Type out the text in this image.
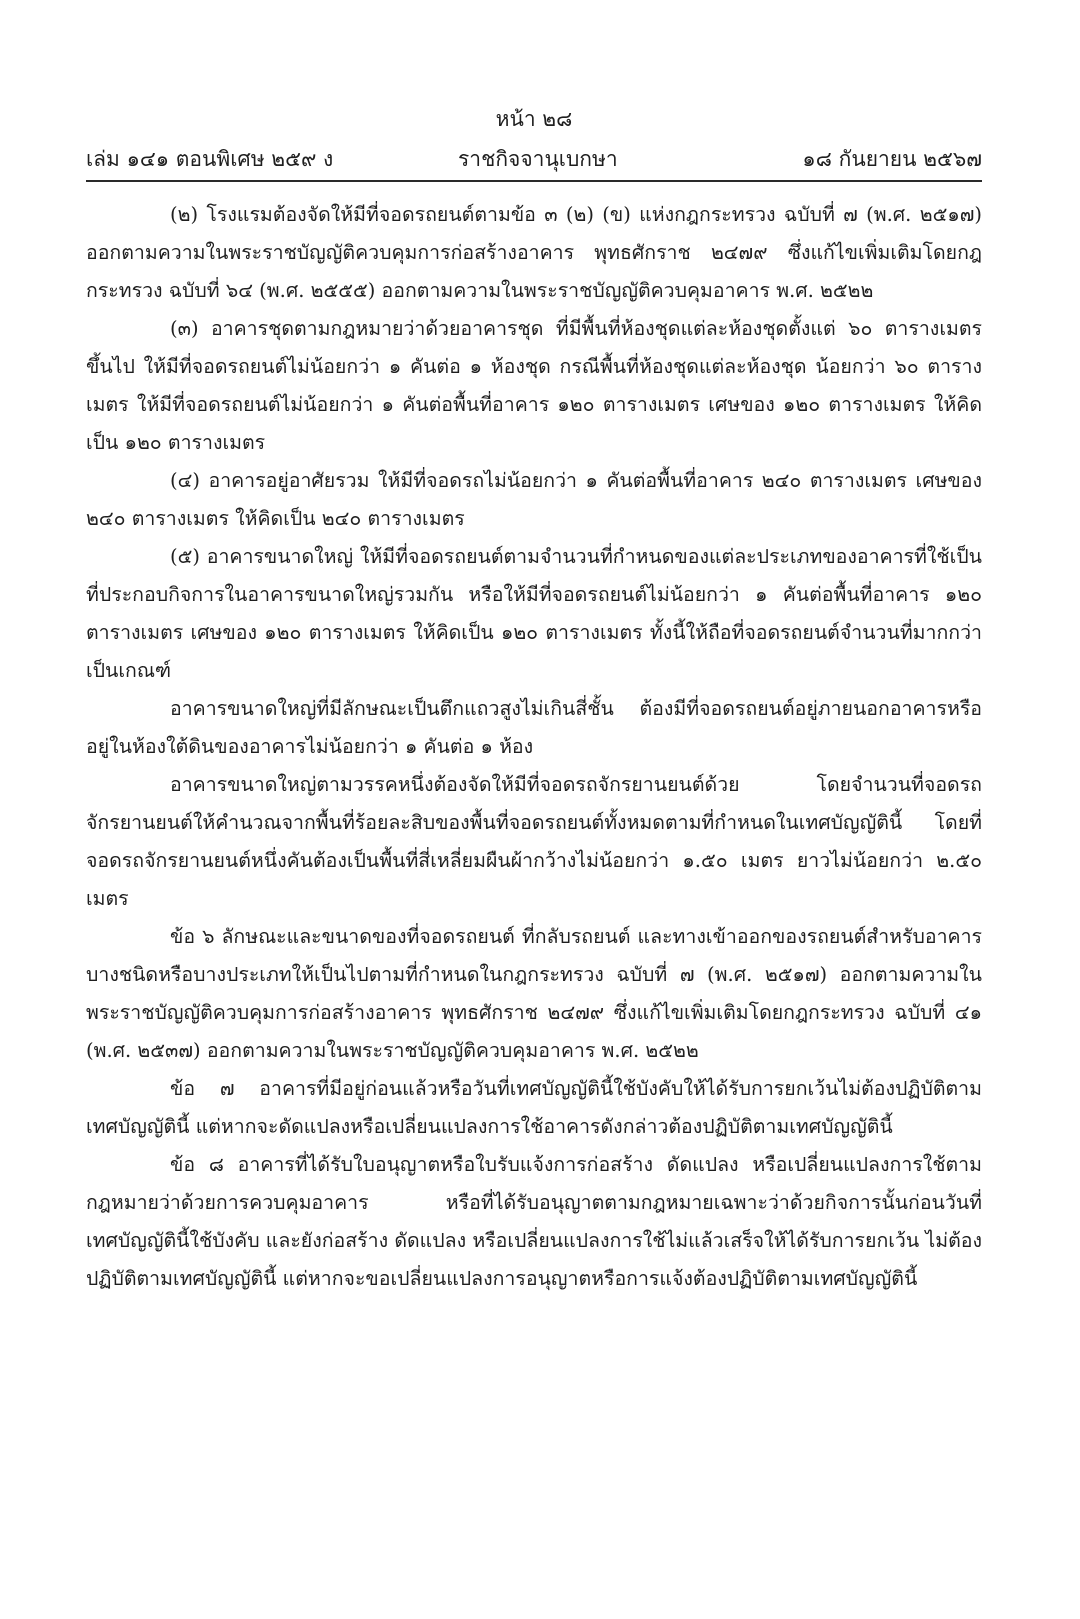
หน้า ๒๘
เล่ม ๑๔๑ ตอนพิเศษ ๒๕๙ ง	ราชกิจจานุเบกษา	๑๘ กันยายน ๒๕๖๗

(๒) โรงแรมต้องจัดให้มีที่จอดรถยนต์ตามข้อ ๓ (๒) (ข) แห่งกฎกระทรวง ฉบับที่ ๗ (พ.ศ. ๒๕๑๗) ออกตามความในพระราชบัญญัติควบคุมการก่อสร้างอาคาร พุทธศักราช ๒๔๗๙ ซึ่งแก้ไขเพิ่มเติมโดยกฎกระทรวง ฉบับที่ ๖๔ (พ.ศ. ๒๕๕๕) ออกตามความในพระราชบัญญัติควบคุมอาคาร พ.ศ. ๒๕๒๒

(๓) อาคารชุดตามกฎหมายว่าด้วยอาคารชุด ที่มีพื้นที่ห้องชุดแต่ละห้องชุดตั้งแต่ ๖๐ ตารางเมตรขึ้นไป ให้มีที่จอดรถยนต์ไม่น้อยกว่า ๑ คันต่อ ๑ ห้องชุด กรณีพื้นที่ห้องชุดแต่ละห้องชุด น้อยกว่า ๖๐ ตารางเมตร ให้มีที่จอดรถยนต์ไม่น้อยกว่า ๑ คันต่อพื้นที่อาคาร ๑๒๐ ตารางเมตร เศษของ ๑๒๐ ตารางเมตร ให้คิดเป็น ๑๒๐ ตารางเมตร

(๔) อาคารอยู่อาศัยรวม ให้มีที่จอดรถไม่น้อยกว่า ๑ คันต่อพื้นที่อาคาร ๒๔๐ ตารางเมตร เศษของ ๒๔๐ ตารางเมตร ให้คิดเป็น ๒๔๐ ตารางเมตร

(๕) อาคารขนาดใหญ่ ให้มีที่จอดรถยนต์ตามจำนวนที่กำหนดของแต่ละประเภทของอาคารที่ใช้เป็นที่ประกอบกิจการในอาคารขนาดใหญ่รวมกัน หรือให้มีที่จอดรถยนต์ไม่น้อยกว่า ๑ คันต่อพื้นที่อาคาร ๑๒๐ ตารางเมตร เศษของ ๑๒๐ ตารางเมตร ให้คิดเป็น ๑๒๐ ตารางเมตร ทั้งนี้ให้ถือที่จอดรถยนต์จำนวนที่มากกว่าเป็นเกณฑ์

อาคารขนาดใหญ่ที่มีลักษณะเป็นตึกแถวสูงไม่เกินสี่ชั้น ต้องมีที่จอดรถยนต์อยู่ภายนอกอาคารหรืออยู่ในห้องใต้ดินของอาคารไม่น้อยกว่า ๑ คันต่อ ๑ ห้อง

อาคารขนาดใหญ่ตามวรรคหนึ่งต้องจัดให้มีที่จอดรถจักรยานยนต์ด้วย โดยจำนวนที่จอดรถจักรยานยนต์ให้คำนวณจากพื้นที่ร้อยละสิบของพื้นที่จอดรถยนต์ทั้งหมดตามที่กำหนดในเทศบัญญัตินี้ โดยที่จอดรถจักรยานยนต์หนึ่งคันต้องเป็นพื้นที่สี่เหลี่ยมผืนผ้ากว้างไม่น้อยกว่า ๑.๕๐ เมตร ยาวไม่น้อยกว่า ๒.๕๐ เมตร

ข้อ ๖ ลักษณะและขนาดของที่จอดรถยนต์ ที่กลับรถยนต์ และทางเข้าออกของรถยนต์สำหรับอาคารบางชนิดหรือบางประเภทให้เป็นไปตามที่กำหนดในกฎกระทรวง ฉบับที่ ๗ (พ.ศ. ๒๕๑๗) ออกตามความในพระราชบัญญัติควบคุมการก่อสร้างอาคาร พุทธศักราช ๒๔๗๙ ซึ่งแก้ไขเพิ่มเติมโดยกฎกระทรวง ฉบับที่ ๔๑ (พ.ศ. ๒๕๓๗) ออกตามความในพระราชบัญญัติควบคุมอาคาร พ.ศ. ๒๕๒๒

ข้อ ๗ อาคารที่มีอยู่ก่อนแล้วหรือวันที่เทศบัญญัตินี้ใช้บังคับให้ได้รับการยกเว้นไม่ต้องปฏิบัติตามเทศบัญญัตินี้ แต่หากจะดัดแปลงหรือเปลี่ยนแปลงการใช้อาคารดังกล่าวต้องปฏิบัติตามเทศบัญญัตินี้

ข้อ ๘ อาคารที่ได้รับใบอนุญาตหรือใบรับแจ้งการก่อสร้าง ดัดแปลง หรือเปลี่ยนแปลงการใช้ตามกฎหมายว่าด้วยการควบคุมอาคาร หรือที่ได้รับอนุญาตตามกฎหมายเฉพาะว่าด้วยกิจการนั้นก่อนวันที่เทศบัญญัตินี้ใช้บังคับ และยังก่อสร้าง ดัดแปลง หรือเปลี่ยนแปลงการใช้ไม่แล้วเสร็จให้ได้รับการยกเว้น ไม่ต้องปฏิบัติตามเทศบัญญัตินี้ แต่หากจะขอเปลี่ยนแปลงการอนุญาตหรือการแจ้งต้องปฏิบัติตามเทศบัญญัตินี้
